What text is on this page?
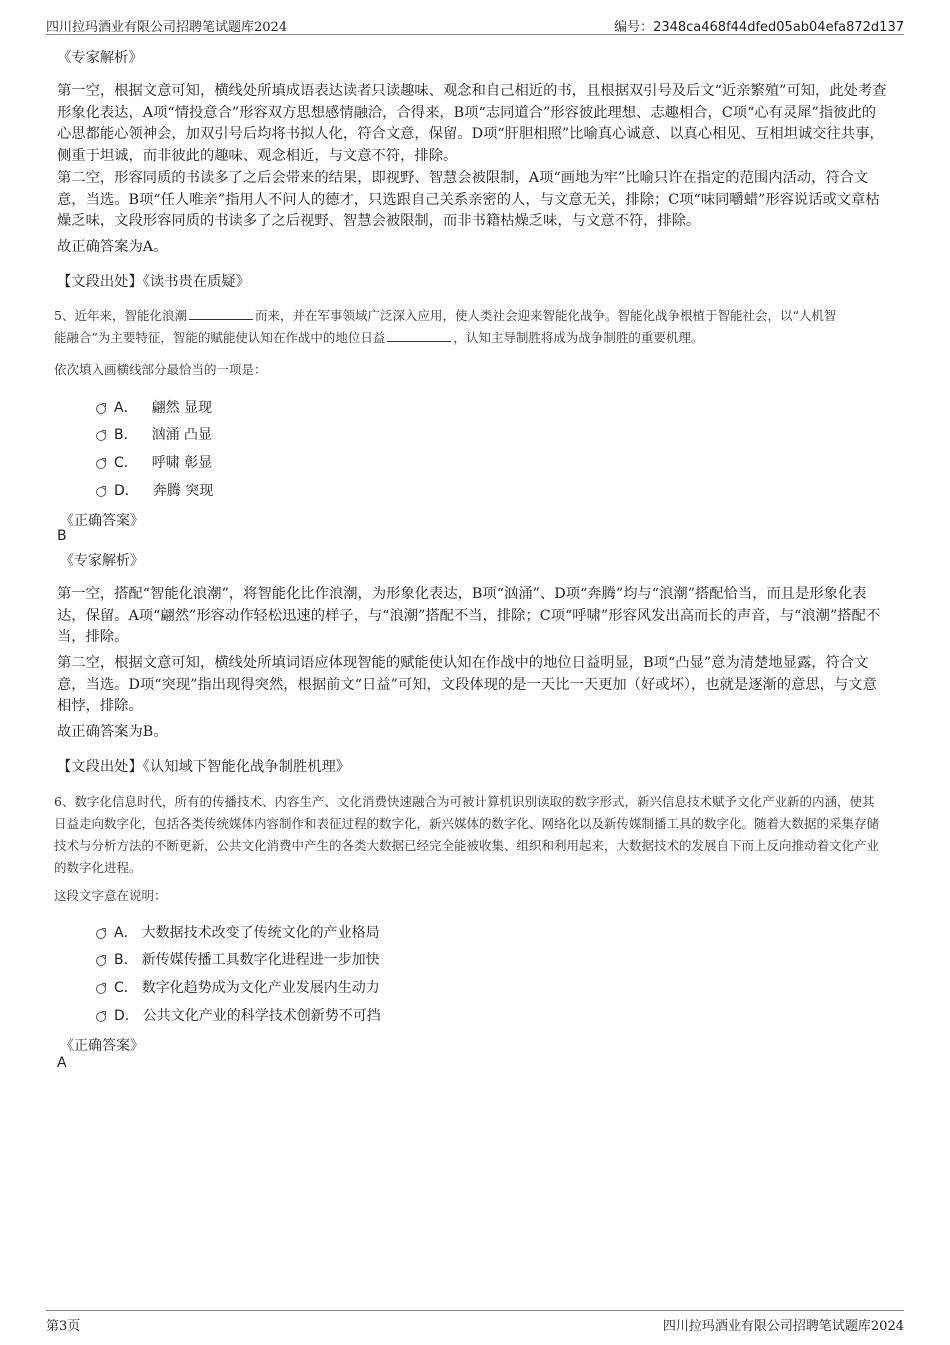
四川拉玛酒业有限公司招聘笔试题库2024	编号：2348ca468f44dfed05ab04efa872d137
《专家解析》
第一空，根据文意可知，横线处所填成语表达读者只读趣味、观念和自己相近的书，且根据双引号及后文“近亲繁殖”可知，此处考查形象化表达，A项“情投意合”形容双方思想感情融洽，合得来，B项“志同道合”形容彼此理想、志趣相合，C项“心有灵犀”指彼此的心思都能心领神会，加双引号后均将书拟人化，符合文意，保留。D项“肝胆相照”比喻真心诚意、以真心相见、互相坦诚交往共事，侧重于坦诚，而非彼此的趣味、观念相近，与文意不符，排除。
第二空，形容同质的书读多了之后会带来的结果，即视野、智慧会被限制，A项“画地为牢”比喻只许在指定的范围内活动，符合文意，当选。B项“任人唯亲”指用人不问人的德才，只选跟自己关系亲密的人，与文意无关，排除；C项“味同嚼蜡”形容说话或文章枯燥乏味，文段形容同质的书读多了之后视野、智慧会被限制，而非书籍枯燥乏味，与文意不符，排除。
故正确答案为A。
【文段出处】《读书贵在质疑》
5、近年来，智能化浪潮	而来，并在军事领域广泛深入应用，使人类社会迎来智能化战争。智能化战争根植于智能社会，以“人机智
能融合”为主要特征，智能的赋能使认知在作战中的地位日益	，认知主导制胜将成为战争制胜的重要机理。
依次填入画横线部分最恰当的一项是：
A． 翩然 显现
B． 汹涌 凸显
C． 呼啸 彰显
D． 奔腾 突现
《正确答案》
B
《专家解析》
第一空，搭配“智能化浪潮”，将智能化比作浪潮，为形象化表达，B项“汹涌”、D项“奔腾”均与“浪潮”搭配恰当，而且是形象化表达，保留。A项“翩然”形容动作轻松迅速的样子，与“浪潮”搭配不当，排除；C项“呼啸”形容风发出高而长的声音，与“浪潮”搭配不当，排除。
第二空，根据文意可知，横线处所填词语应体现智能的赋能使认知在作战中的地位日益明显，B项“凸显”意为清楚地显露，符合文意，当选。D项“突现”指出现得突然，根据前文“日益”可知，文段体现的是一天比一天更加（好或坏），也就是逐渐的意思，与文意相悖，排除。
故正确答案为B。
【文段出处】《认知域下智能化战争制胜机理》
6、数字化信息时代，所有的传播技术、内容生产、文化消费快速融合为可被计算机识别读取的数字形式，新兴信息技术赋予文化产业新的内涵，使其日益走向数字化，包括各类传统媒体内容制作和表征过程的数字化，新兴媒体的数字化、网络化以及新传媒制播工具的数字化。随着大数据的采集存储技术与分析方法的不断更新，公共文化消费中产生的各类大数据已经完全能被收集、组织和利用起来，大数据技术的发展自下而上反向推动着文化产业的数字化进程。
这段文字意在说明：
A． 大数据技术改变了传统文化的产业格局
B． 新传媒传播工具数字化进程进一步加快
C． 数字化趋势成为文化产业发展内生动力
D． 公共文化产业的科学技术创新势不可挡
《正确答案》
A
第3页	四川拉玛酒业有限公司招聘笔试题库2024
